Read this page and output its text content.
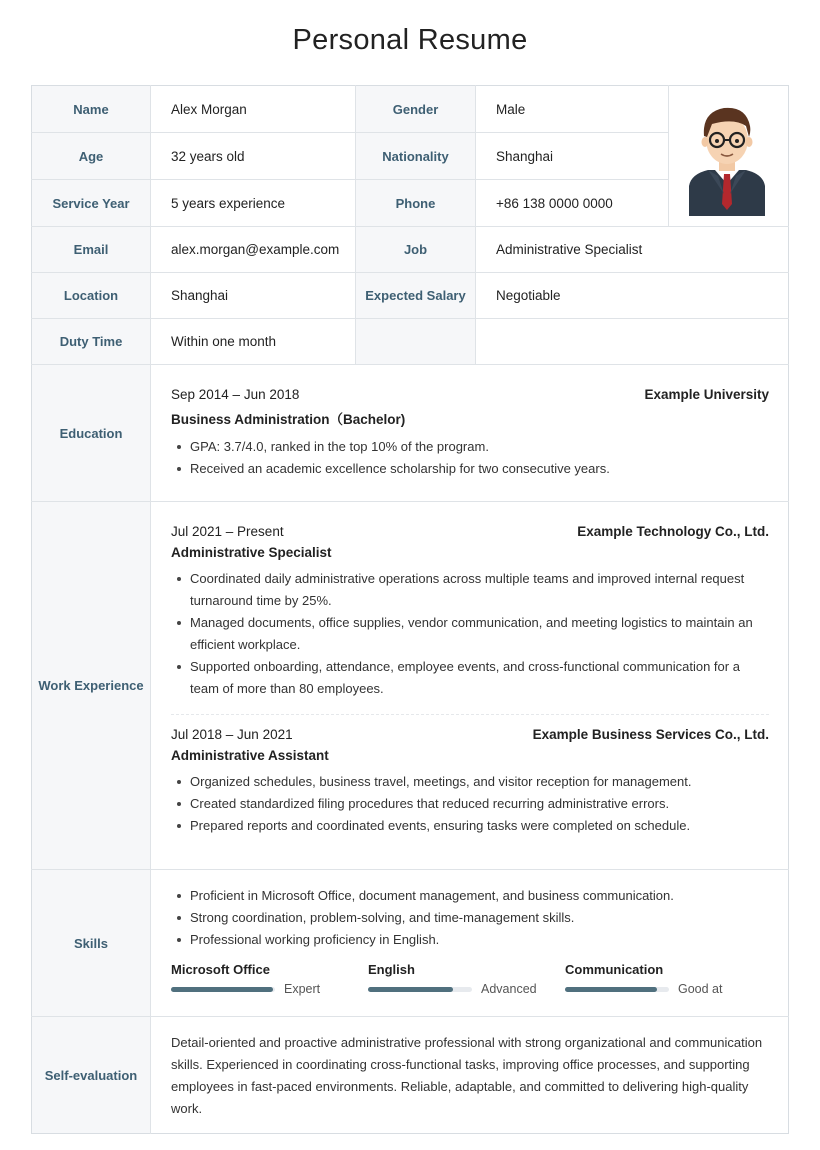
Personal Resume
Name	Alex Morgan	Gender	Male
Age	32 years old	Nationality	Shanghai
Service Year	5 years experience	Phone	+86 138 0000 0000
Email	alex.morgan@example.com	Job	Administrative Specialist
Location	Shanghai	Expected Salary	Negotiable
Duty Time	Within one month
Education
Sep 2014 – Jun 2018	Example University
Business Administration（Bachelor)
GPA: 3.7/4.0, ranked in the top 10% of the program.
Received an academic excellence scholarship for two consecutive years.
Work Experience
Jul 2021 – Present	Example Technology Co., Ltd.
Administrative Specialist
Coordinated daily administrative operations across multiple teams and improved internal request turnaround time by 25%.
Managed documents, office supplies, vendor communication, and meeting logistics to maintain an efficient workplace.
Supported onboarding, attendance, employee events, and cross-functional communication for a team of more than 80 employees.
Jul 2018 – Jun 2021	Example Business Services Co., Ltd.
Administrative Assistant
Organized schedules, business travel, meetings, and visitor reception for management.
Created standardized filing procedures that reduced recurring administrative errors.
Prepared reports and coordinated events, ensuring tasks were completed on schedule.
Skills
Proficient in Microsoft Office, document management, and business communication.
Strong coordination, problem-solving, and time-management skills.
Professional working proficiency in English.
Microsoft Office
Expert
English
Advanced
Communication
Good at
Self-evaluation
Detail-oriented and proactive administrative professional with strong organizational and communication skills. Experienced in coordinating cross-functional tasks, improving office processes, and supporting employees in fast-paced environments. Reliable, adaptable, and committed to delivering high-quality work.
